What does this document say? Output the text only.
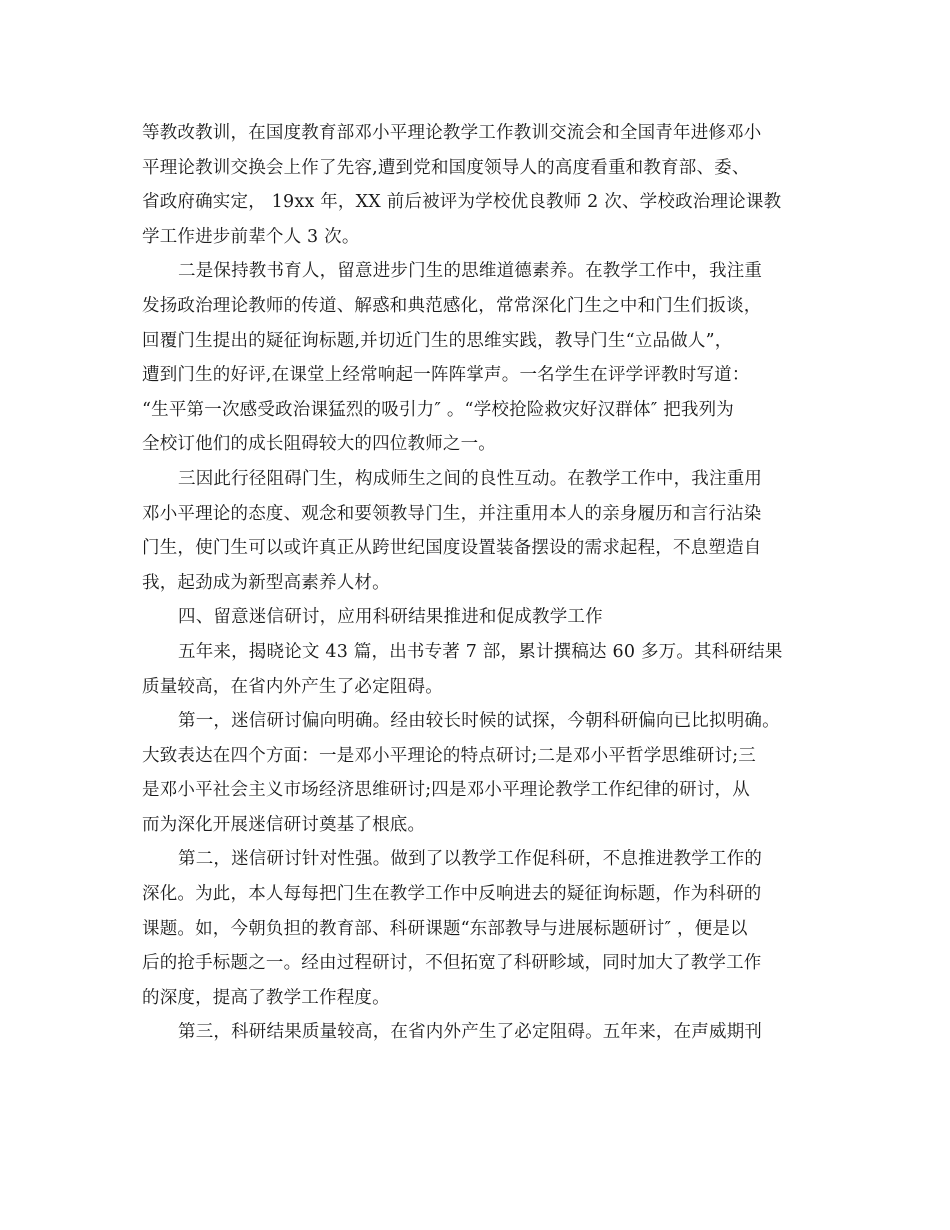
等教改教训，在国度教育部邓小平理论教学工作教训交流会和全国青年进修邓小
平理论教训交换会上作了先容,遭到党和国度领导人的高度看重和教育部、委、
省政府确实定， 19xx 年，XX 前后被评为学校优良教师 2 次、学校政治理论课教
学工作进步前辈个人 3 次。
二是保持教书育人，留意进步门生的思维道德素养。在教学工作中，我注重
发扬政治理论教师的传道、解惑和典范感化，常常深化门生之中和门生们扳谈，
回覆门生提出的疑征询标题,并切近门生的思维实践，教导门生“立品做人”，
遭到门生的好评,在课堂上经常响起一阵阵掌声。一名学生在评学评教时写道：
“生平第一次感受政治课猛烈的吸引力″ 。“学校抢险救灾好汉群体″ 把我列为
全校订他们的成长阻碍较大的四位教师之一。
三因此行径阻碍门生，构成师生之间的良性互动。在教学工作中，我注重用
邓小平理论的态度、观念和要领教导门生，并注重用本人的亲身履历和言行沾染
门生，使门生可以或许真正从跨世纪国度设置装备摆设的需求起程，不息塑造自
我，起劲成为新型高素养人材。
四、留意迷信研讨，应用科研结果推进和促成教学工作
五年来，揭晓论文 43 篇，出书专著 7 部，累计撰稿达 60 多万。其科研结果
质量较高，在省内外产生了必定阻碍。
第一，迷信研讨偏向明确。经由较长时候的试探，今朝科研偏向已比拟明确。
大致表达在四个方面：一是邓小平理论的特点研讨;二是邓小平哲学思维研讨;三
是邓小平社会主义市场经济思维研讨;四是邓小平理论教学工作纪律的研讨，从
而为深化开展迷信研讨奠基了根底。
第二，迷信研讨针对性强。做到了以教学工作促科研，不息推进教学工作的
深化。为此，本人每每把门生在教学工作中反响进去的疑征询标题，作为科研的
课题。如，今朝负担的教育部、科研课题“东部教导与进展标题研讨″ ，便是以
后的抢手标题之一。经由过程研讨，不但拓宽了科研畛域，同时加大了教学工作
的深度，提高了教学工作程度。
第三，科研结果质量较高，在省内外产生了必定阻碍。五年来，在声威期刊
